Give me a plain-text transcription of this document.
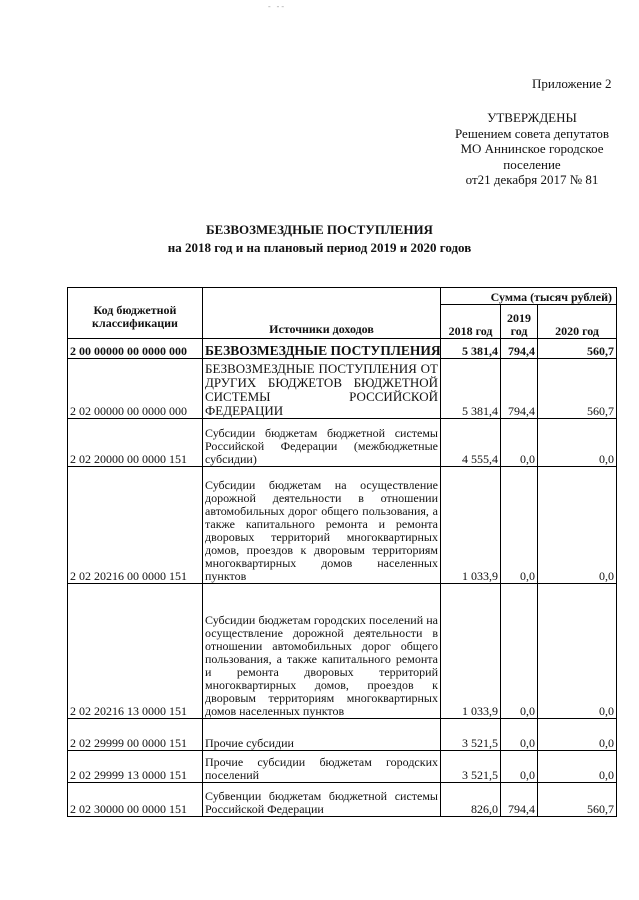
- --
Приложение 2
УТВЕРЖДЕНЫ
Решением совета депутатов
МО Аннинское городское
поселение
от21 декабря 2017 № 81
БЕЗВОЗМЕЗДНЫЕ ПОСТУПЛЕНИЯ
на 2018 год и на плановый период 2019 и 2020 годов
Код бюджетной классификации	Источники доходов	Сумма (тысяч рублей)		
		2018 год	2019 год	2020 год
2 00 00000 00 0000 000	БЕЗВОЗМЕЗДНЫЕ ПОСТУПЛЕНИЯ	5 381,4	794,4	560,7
2 02 00000 00 0000 000	БЕЗВОЗМЕЗДНЫЕ ПОСТУПЛЕНИЯ ОТ ДРУГИХ БЮДЖЕТОВ БЮДЖЕТНОЙ СИСТЕМЫ РОССИЙСКОЙ ФЕДЕРАЦИИ	5 381,4	794,4	560,7
2 02 20000 00 0000 151	Субсидии бюджетам бюджетной системы Российской Федерации (межбюджетные субсидии)	4 555,4	0,0	0,0
2 02 20216 00 0000 151	Субсидии бюджетам на осуществление дорожной деятельности в отношении автомобильных дорог общего пользования, а также капитального ремонта и ремонта дворовых территорий многоквартирных домов, проездов к дворовым территориям многоквартирных домов населенных пунктов	1 033,9	0,0	0,0
2 02 20216 13 0000 151	Субсидии бюджетам городских поселений на осуществление дорожной деятельности в отношении автомобильных дорог общего пользования, а также капитального ремонта и ремонта дворовых территорий многоквартирных домов, проездов к дворовым территориям многоквартирных домов населенных пунктов	1 033,9	0,0	0,0
2 02 29999 00 0000 151	Прочие субсидии	3 521,5	0,0	0,0
2 02 29999 13 0000 151	Прочие субсидии бюджетам городских поселений	3 521,5	0,0	0,0
2 02 30000 00 0000 151	Субвенции бюджетам бюджетной системы Российской Федерации	826,0	794,4	560,7
